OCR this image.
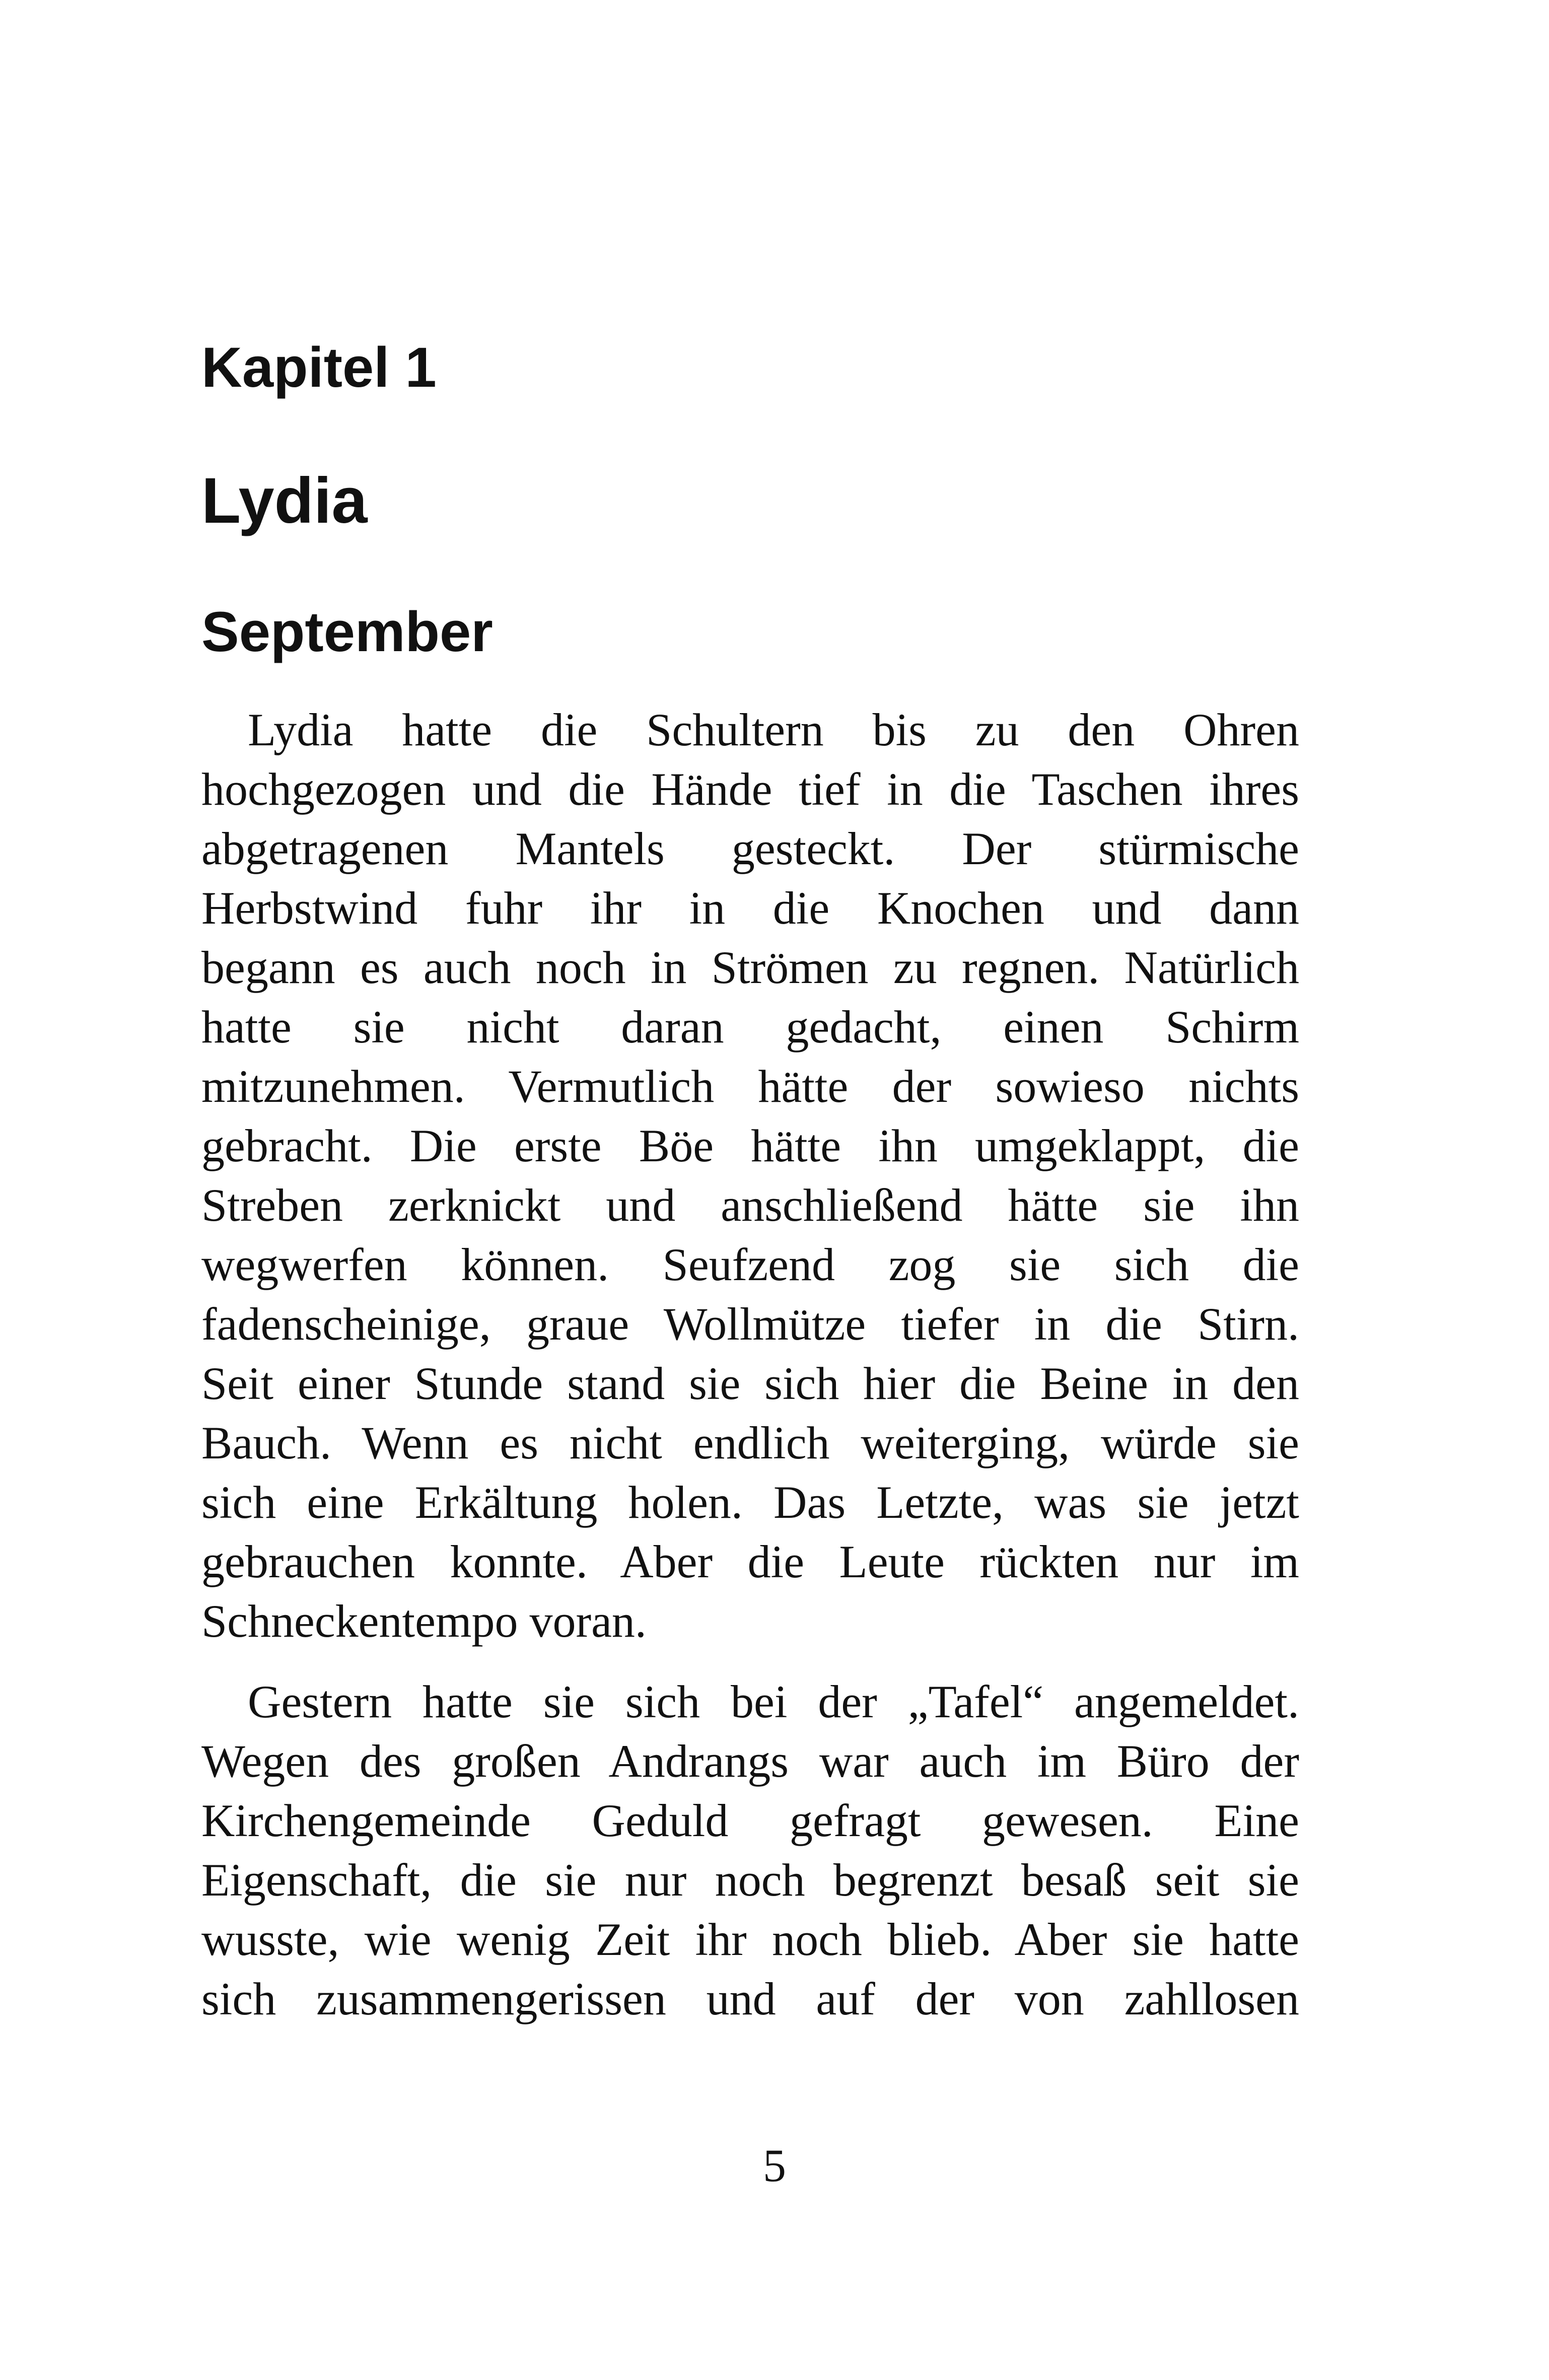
Kapitel 1
Lydia
September
Lydia hatte die Schultern bis zu den Ohren
hochgezogen und die Hände tief in die Taschen ihres
abgetragenen Mantels gesteckt. Der stürmische
Herbstwind fuhr ihr in die Knochen und dann
begann es auch noch in Strömen zu regnen. Natürlich
hatte sie nicht daran gedacht, einen Schirm
mitzunehmen. Vermutlich hätte der sowieso nichts
gebracht. Die erste Böe hätte ihn umgeklappt, die
Streben zerknickt und anschließend hätte sie ihn
wegwerfen können. Seufzend zog sie sich die
fadenscheinige, graue Wollmütze tiefer in die Stirn.
Seit einer Stunde stand sie sich hier die Beine in den
Bauch. Wenn es nicht endlich weiterging, würde sie
sich eine Erkältung holen. Das Letzte, was sie jetzt
gebrauchen konnte. Aber die Leute rückten nur im
Schneckentempo voran.
Gestern hatte sie sich bei der „Tafel“ angemeldet.
Wegen des großen Andrangs war auch im Büro der
Kirchengemeinde Geduld gefragt gewesen. Eine
Eigenschaft, die sie nur noch begrenzt besaß seit sie
wusste, wie wenig Zeit ihr noch blieb. Aber sie hatte
sich zusammengerissen und auf der von zahllosen
5
